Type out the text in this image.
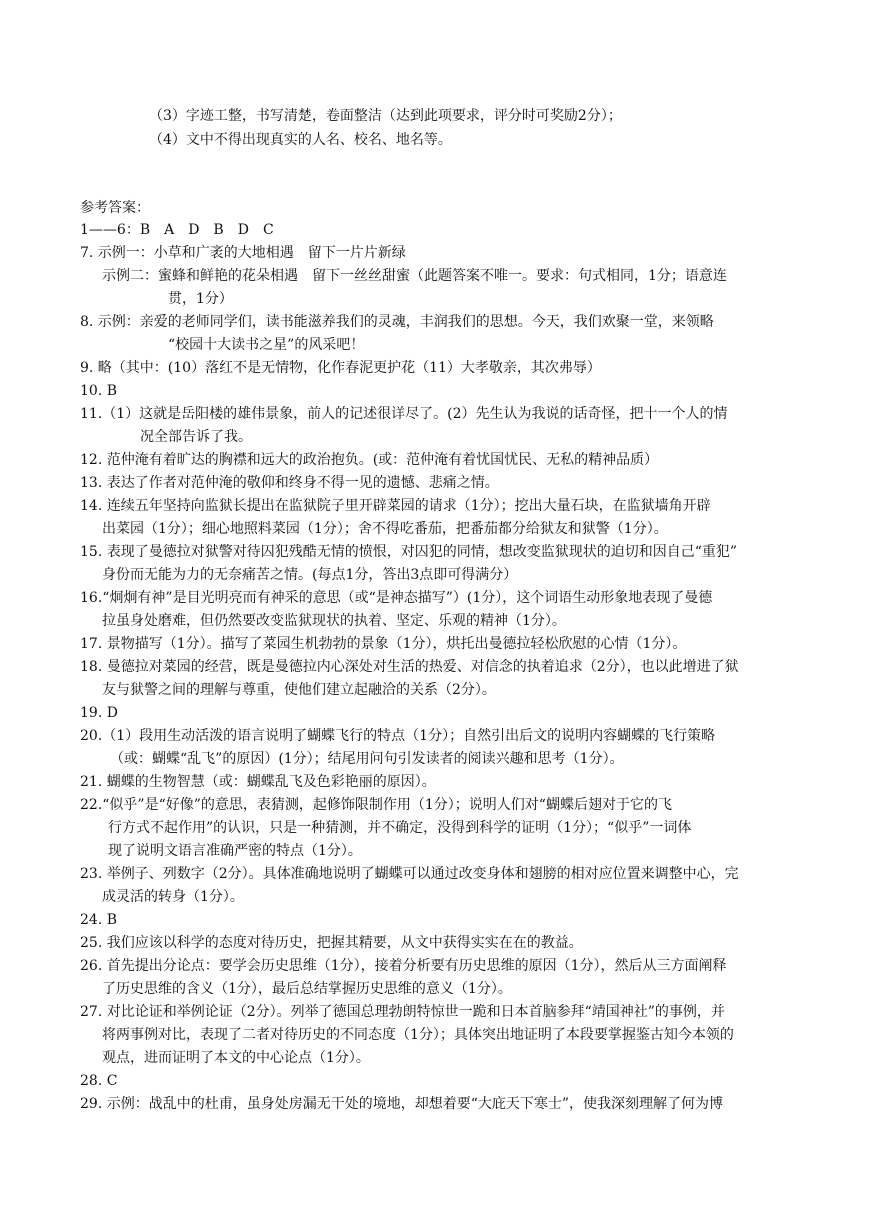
（3）字迹工整，书写清楚，卷面整洁（达到此项要求，评分时可奖励2分）；
（4）文中不得出现真实的人名、校名、地名等。
参考答案：
1——6：B　A　D　B　D　C
7. 示例一：小草和广袤的大地相遇　留下一片片新绿
示例二：蜜蜂和鲜艳的花朵相遇　留下一丝丝甜蜜（此题答案不唯一。要求：句式相同，1分；语意连
贯，1分）
8. 示例：亲爱的老师同学们，读书能滋养我们的灵魂，丰润我们的思想。今天，我们欢聚一堂，来领略
“校园十大读书之星”的风采吧！
9. 略（其中：(10）落红不是无情物，化作春泥更护花（11）大孝敬亲，其次弗辱）
10. B
11.（1）这就是岳阳楼的雄伟景象，前人的记述很详尽了。(2）先生认为我说的话奇怪，把十一个人的情
况全部告诉了我。
12. 范仲淹有着旷达的胸襟和远大的政治抱负。(或：范仲淹有着忧国忧民、无私的精神品质）
13. 表达了作者对范仲淹的敬仰和终身不得一见的遗憾、悲痛之情。
14. 连续五年坚持向监狱长提出在监狱院子里开辟菜园的请求（1分）；挖出大量石块，在监狱墙角开辟
出菜园（1分）；细心地照料菜园（1分）；舍不得吃番茄，把番茄都分给狱友和狱警（1分）。
15. 表现了曼德拉对狱警对待囚犯残酷无情的愤恨，对囚犯的同情，想改变监狱现状的迫切和因自己“重犯”
身份而无能为力的无奈痛苦之情。(每点1分，答出3点即可得满分）
16.“炯炯有神”是目光明亮而有神采的意思（或“是神态描写”）(1分），这个词语生动形象地表现了曼德
拉虽身处磨难，但仍然要改变监狱现状的执着、坚定、乐观的精神（1分）。
17. 景物描写（1分）。描写了菜园生机勃勃的景象（1分），烘托出曼德拉轻松欣慰的心情（1分）。
18. 曼德拉对菜园的经营，既是曼德拉内心深处对生活的热爱、对信念的执着追求（2分），也以此增进了狱
友与狱警之间的理解与尊重，使他们建立起融洽的关系（2分）。
19. D
20.（1）段用生动活泼的语言说明了蝴蝶飞行的特点（1分）；自然引出后文的说明内容蝴蝶的飞行策略
（或：蝴蝶“乱飞”的原因）(1分）；结尾用问句引发读者的阅读兴趣和思考（1分）。
21. 蝴蝶的生物智慧（或：蝴蝶乱飞及色彩艳丽的原因）。
22.“似乎”是“好像”的意思，表猜测，起修饰限制作用（1分）；说明人们对“蝴蝶后翅对于它的飞
行方式不起作用”的认识，只是一种猜测，并不确定，没得到科学的证明（1分）；“似乎”一词体
现了说明文语言准确严密的特点（1分）。
23. 举例子、列数字（2分）。具体准确地说明了蝴蝶可以通过改变身体和翅膀的相对应位置来调整中心，完
成灵活的转身（1分）。
24. B
25. 我们应该以科学的态度对待历史，把握其精要，从文中获得实实在在的教益。
26. 首先提出分论点：要学会历史思维（1分），接着分析要有历史思维的原因（1分），然后从三方面阐释
了历史思维的含义（1分），最后总结掌握历史思维的意义（1分）。
27. 对比论证和举例论证（2分）。列举了德国总理勃朗特惊世一跪和日本首脑参拜“靖国神社”的事例，并
将两事例对比，表现了二者对待历史的不同态度（1分）；具体突出地证明了本段要掌握鉴古知今本领的
观点，进而证明了本文的中心论点（1分）。
28. C
29. 示例：战乱中的杜甫，虽身处房漏无干处的境地，却想着要“大庇天下寒士”，使我深刻理解了何为博
